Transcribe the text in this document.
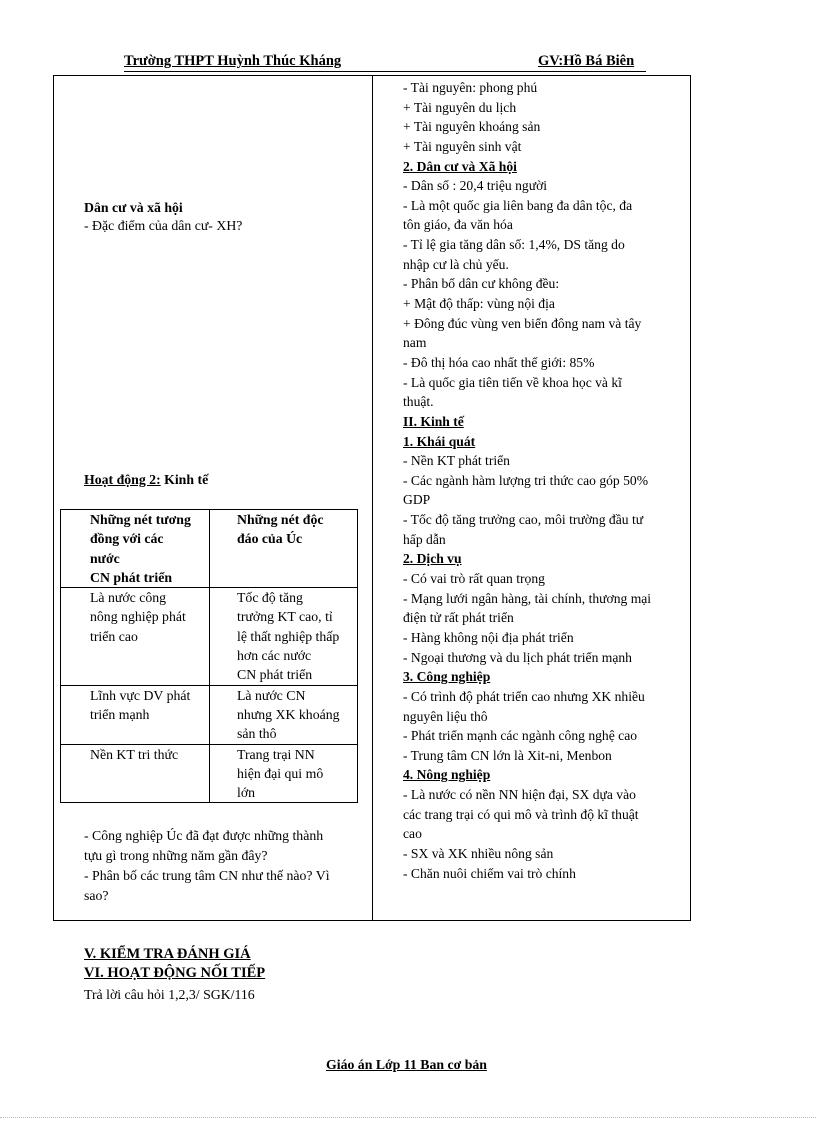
Trường THPT Huỳnh Thúc Kháng	GV:Hồ Bá Biên
Dân cư và xã hội
- Đặc điểm của dân cư- XH?
Hoạt động 2: Kinh tế
Những nét tương
đồng với các
nước
CN phát triển	Những nét độc
đáo của Úc

Là nước công
nông nghiệp phát
triển cao	Tốc độ tăng
trưởng KT cao, tỉ
lệ thất nghiệp thấp
hơn các nước
CN phát triển

Lĩnh vực DV phát
triển mạnh	Là nước CN
nhưng XK khoáng
sản thô

Nền KT tri thức	Trang trại NN
hiện đại qui mô
lớn
- Công nghiệp Úc đã đạt được những thành
tựu gì trong những năm gần đây?
- Phân bố các trung tâm CN như thế nào? Vì
sao?
- Tài nguyên: phong phú
+ Tài nguyên du lịch
+ Tài nguyên khoáng sản
+ Tài nguyên sinh vật
2. Dân cư và Xã hội
- Dân số : 20,4 triệu người
- Là một quốc gia liên bang đa dân tộc, đa
tôn giáo, đa văn hóa
- Tỉ lệ gia tăng dân số: 1,4%, DS tăng do
nhập cư là chủ yếu.
- Phân bố dân cư không đều:
+ Mật độ thấp: vùng nội địa
+ Đông đúc vùng ven biển đông nam và tây
nam
- Đô thị hóa cao nhất thế giới: 85%
- Là quốc gia tiên tiến về khoa học và kĩ
thuật.
II. Kinh tế
1. Khái quát
- Nền KT phát triển
- Các ngành hàm lượng tri thức cao góp 50%
GDP
- Tốc độ tăng trưởng cao, môi trường đầu tư
hấp dẫn
2. Dịch vụ
- Có vai trò rất quan trọng
- Mạng lưới ngân hàng, tài chính, thương mại
điện tử rất phát triển
- Hàng không nội địa phát triển
- Ngoại thương và du lịch phát triển mạnh
3. Công nghiệp
- Có trình độ phát triển cao nhưng XK nhiều
nguyên liệu thô
- Phát triển mạnh các ngành công nghệ cao
- Trung tâm CN lớn là Xit-ni, Menbon
4. Nông nghiệp
- Là nước có nền NN hiện đại, SX dựa vào
các trang trại có qui mô và trình độ kĩ thuật
cao
- SX và XK nhiều nông sản
- Chăn nuôi chiếm vai trò chính
V. KIỂM TRA ĐÁNH GIÁ
VI. HOẠT ĐỘNG NỐI TIẾP
Trả lời câu hỏi 1,2,3/ SGK/116
Giáo án Lớp 11 Ban cơ bản
